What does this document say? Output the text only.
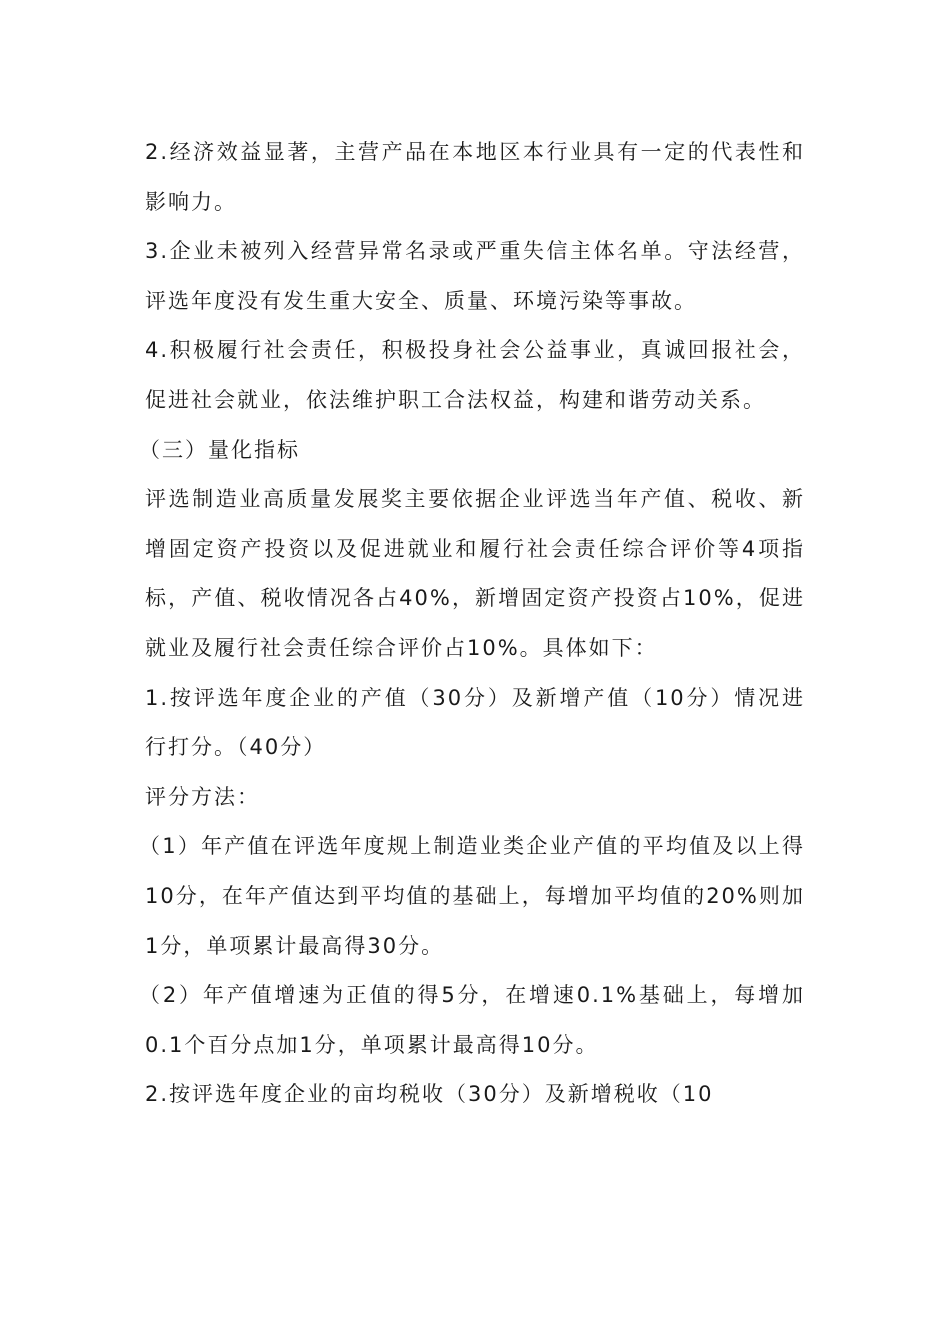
2.经济效益显著，主营产品在本地区本行业具有一定的代表性和影响力。

3.企业未被列入经营异常名录或严重失信主体名单。守法经营，评选年度没有发生重大安全、质量、环境污染等事故。

4.积极履行社会责任，积极投身社会公益事业，真诚回报社会，促进社会就业，依法维护职工合法权益，构建和谐劳动关系。

（三）量化指标

评选制造业高质量发展奖主要依据企业评选当年产值、税收、新增固定资产投资以及促进就业和履行社会责任综合评价等4项指标，产值、税收情况各占40%，新增固定资产投资占10%，促进就业及履行社会责任综合评价占10%。具体如下：

1.按评选年度企业的产值（30分）及新增产值（10分）情况进行打分。（40分）

评分方法：

（1）年产值在评选年度规上制造业类企业产值的平均值及以上得10分，在年产值达到平均值的基础上，每增加平均值的20%则加1分，单项累计最高得30分。

（2）年产值增速为正值的得5分，在增速0.1%基础上，每增加0.1个百分点加1分，单项累计最高得10分。

2.按评选年度企业的亩均税收（30分）及新增税收（10
